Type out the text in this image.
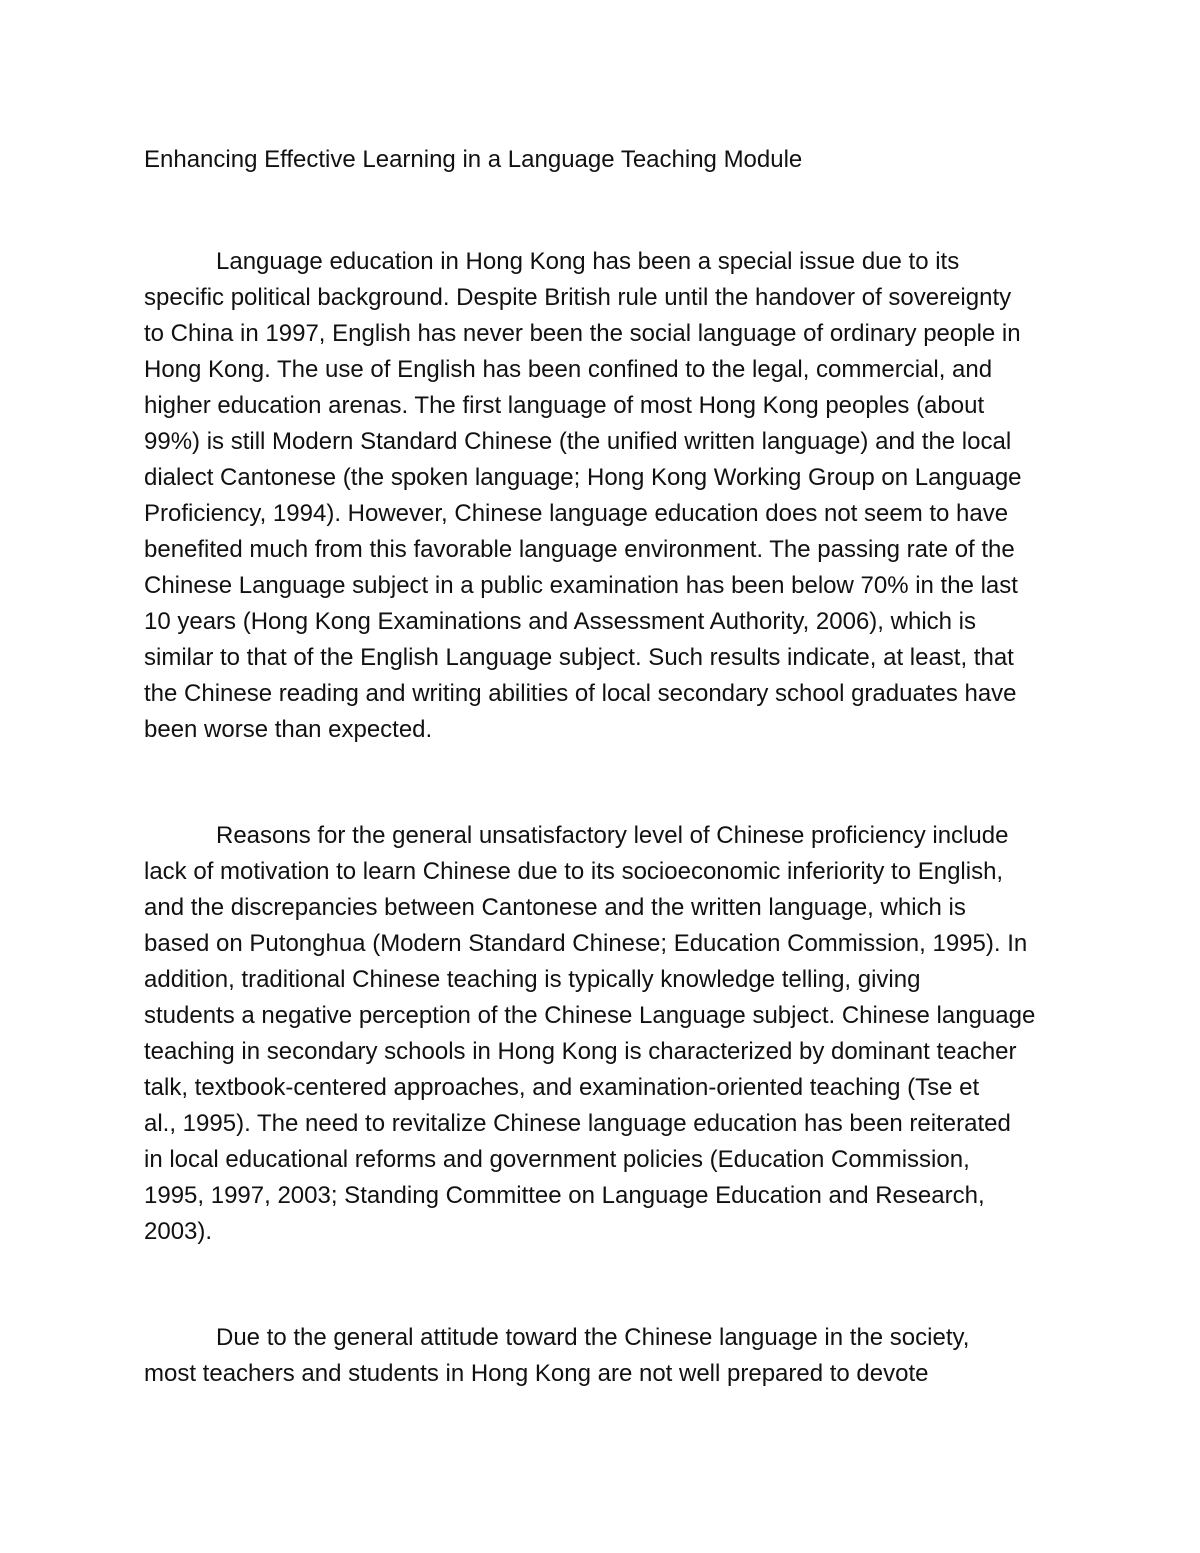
Enhancing Effective Learning in a Language Teaching Module
Language education in Hong Kong has been a special issue due to its
specific political background. Despite British rule until the handover of sovereignty
to China in 1997, English has never been the social language of ordinary people in
Hong Kong. The use of English has been confined to the legal, commercial, and
higher education arenas. The first language of most Hong Kong peoples (about
99%) is still Modern Standard Chinese (the unified written language) and the local
dialect Cantonese (the spoken language; Hong Kong Working Group on Language
Proficiency, 1994). However, Chinese language education does not seem to have
benefited much from this favorable language environment. The passing rate of the
Chinese Language subject in a public examination has been below 70% in the last
10 years (Hong Kong Examinations and Assessment Authority, 2006), which is
similar to that of the English Language subject. Such results indicate, at least, that
the Chinese reading and writing abilities of local secondary school graduates have
been worse than expected.
Reasons for the general unsatisfactory level of Chinese proficiency include
lack of motivation to learn Chinese due to its socioeconomic inferiority to English,
and the discrepancies between Cantonese and the written language, which is
based on Putonghua (Modern Standard Chinese; Education Commission, 1995). In
addition, traditional Chinese teaching is typically knowledge telling, giving
students a negative perception of the Chinese Language subject. Chinese language
teaching in secondary schools in Hong Kong is characterized by dominant teacher
talk, textbook-centered approaches, and examination-oriented teaching (Tse et
al., 1995). The need to revitalize Chinese language education has been reiterated
in local educational reforms and government policies (Education Commission,
1995, 1997, 2003; Standing Committee on Language Education and Research,
2003).
Due to the general attitude toward the Chinese language in the society,
most teachers and students in Hong Kong are not well prepared to devote
